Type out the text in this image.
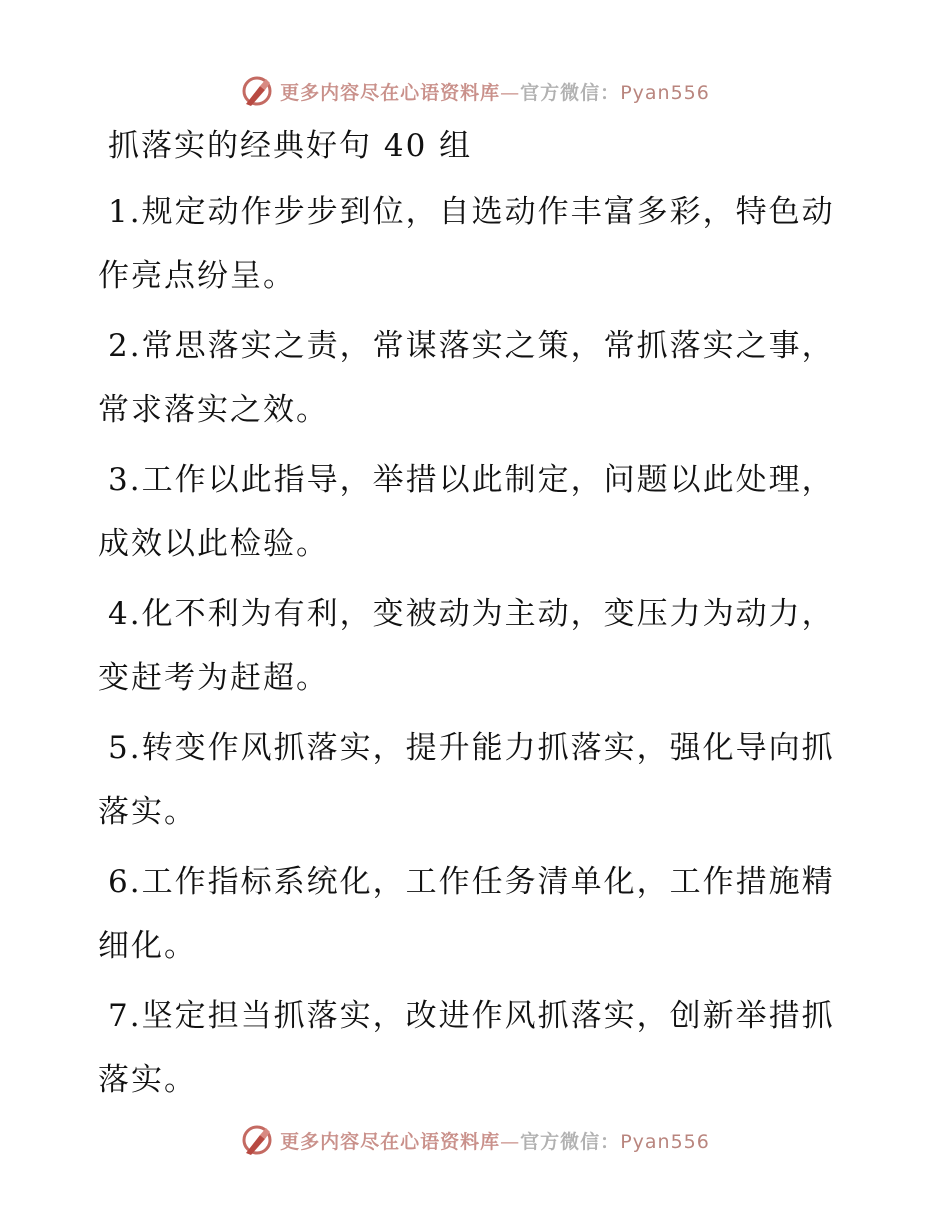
更多内容尽在心语资料库—官方微信：Pyan556
抓落实的经典好句 40 组
1.规定动作步步到位，自选动作丰富多彩，特色动作亮点纷呈。
2.常思落实之责，常谋落实之策，常抓落实之事，常求落实之效。
3.工作以此指导，举措以此制定，问题以此处理，成效以此检验。
4.化不利为有利，变被动为主动，变压力为动力，变赶考为赶超。
5.转变作风抓落实，提升能力抓落实，强化导向抓落实。
6.工作指标系统化，工作任务清单化，工作措施精细化。
7.坚定担当抓落实，改进作风抓落实，创新举措抓落实。
更多内容尽在心语资料库—官方微信：Pyan556
